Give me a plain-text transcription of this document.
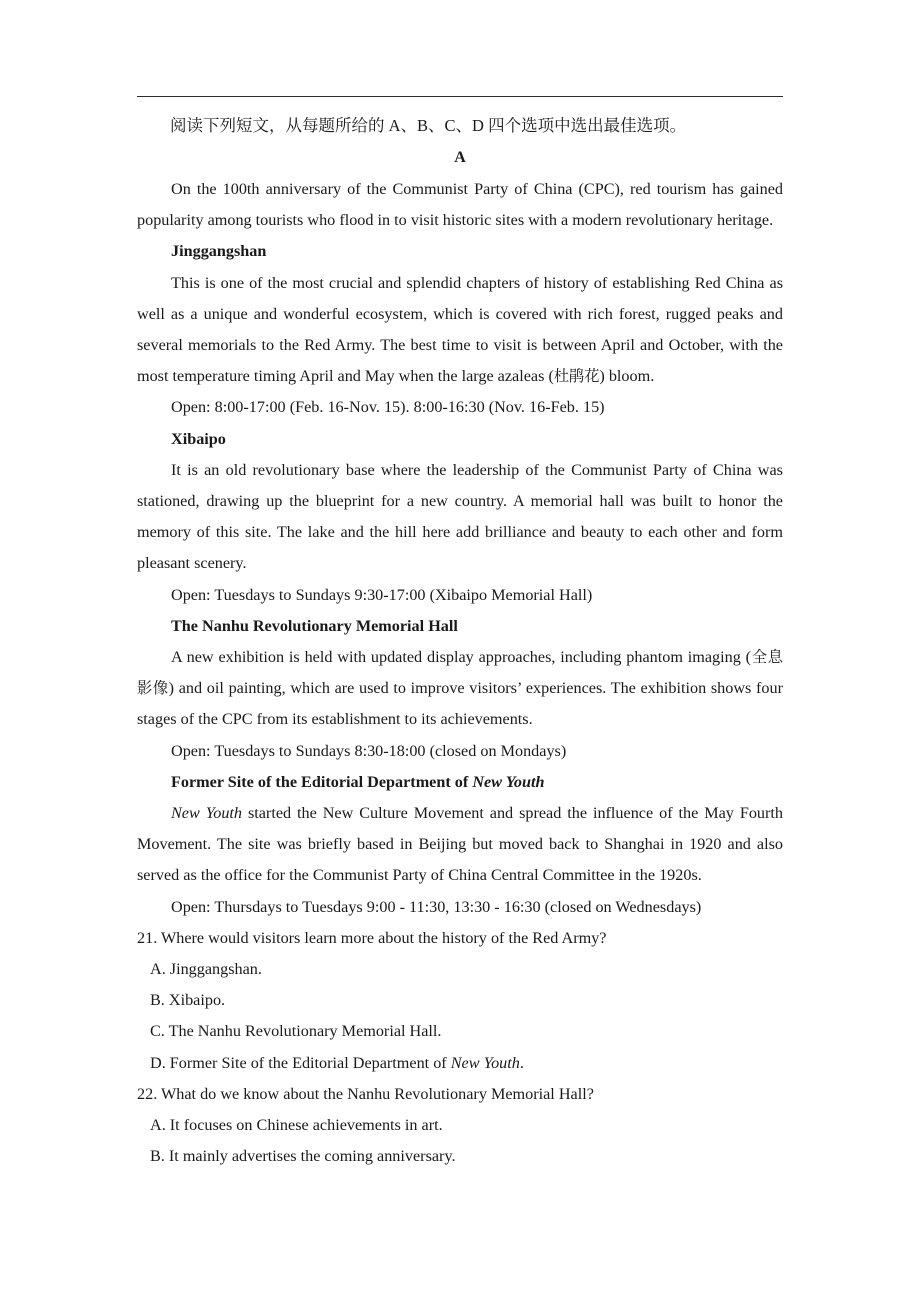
阅读下列短文，从每题所给的 A、B、C、D 四个选项中选出最佳选项。

A

On the 100th anniversary of the Communist Party of China (CPC), red tourism has gained popularity among tourists who flood in to visit historic sites with a modern revolutionary heritage.

Jinggangshan

This is one of the most crucial and splendid chapters of history of establishing Red China as well as a unique and wonderful ecosystem, which is covered with rich forest, rugged peaks and several memorials to the Red Army. The best time to visit is between April and October, with the most temperature timing April and May when the large azaleas (杜鹃花) bloom.

Open: 8:00-17:00 (Feb. 16-Nov. 15). 8:00-16:30 (Nov. 16-Feb. 15)

Xibaipo

It is an old revolutionary base where the leadership of the Communist Party of China was stationed, drawing up the blueprint for a new country. A memorial hall was built to honor the memory of this site. The lake and the hill here add brilliance and beauty to each other and form pleasant scenery.

Open: Tuesdays to Sundays 9:30-17:00 (Xibaipo Memorial Hall)

The Nanhu Revolutionary Memorial Hall

A new exhibition is held with updated display approaches, including phantom imaging (全息影像) and oil painting, which are used to improve visitors’ experiences. The exhibition shows four stages of the CPC from its establishment to its achievements.

Open: Tuesdays to Sundays 8:30-18:00 (closed on Mondays)

Former Site of the Editorial Department of New Youth

New Youth started the New Culture Movement and spread the influence of the May Fourth Movement. The site was briefly based in Beijing but moved back to Shanghai in 1920 and also served as the office for the Communist Party of China Central Committee in the 1920s.

Open: Thursdays to Tuesdays 9:00 - 11:30, 13:30 - 16:30 (closed on Wednesdays)

21. Where would visitors learn more about the history of the Red Army?

A. Jinggangshan.

B. Xibaipo.

C. The Nanhu Revolutionary Memorial Hall.

D. Former Site of the Editorial Department of New Youth.

22. What do we know about the Nanhu Revolutionary Memorial Hall?

A. It focuses on Chinese achievements in art.

B. It mainly advertises the coming anniversary.
